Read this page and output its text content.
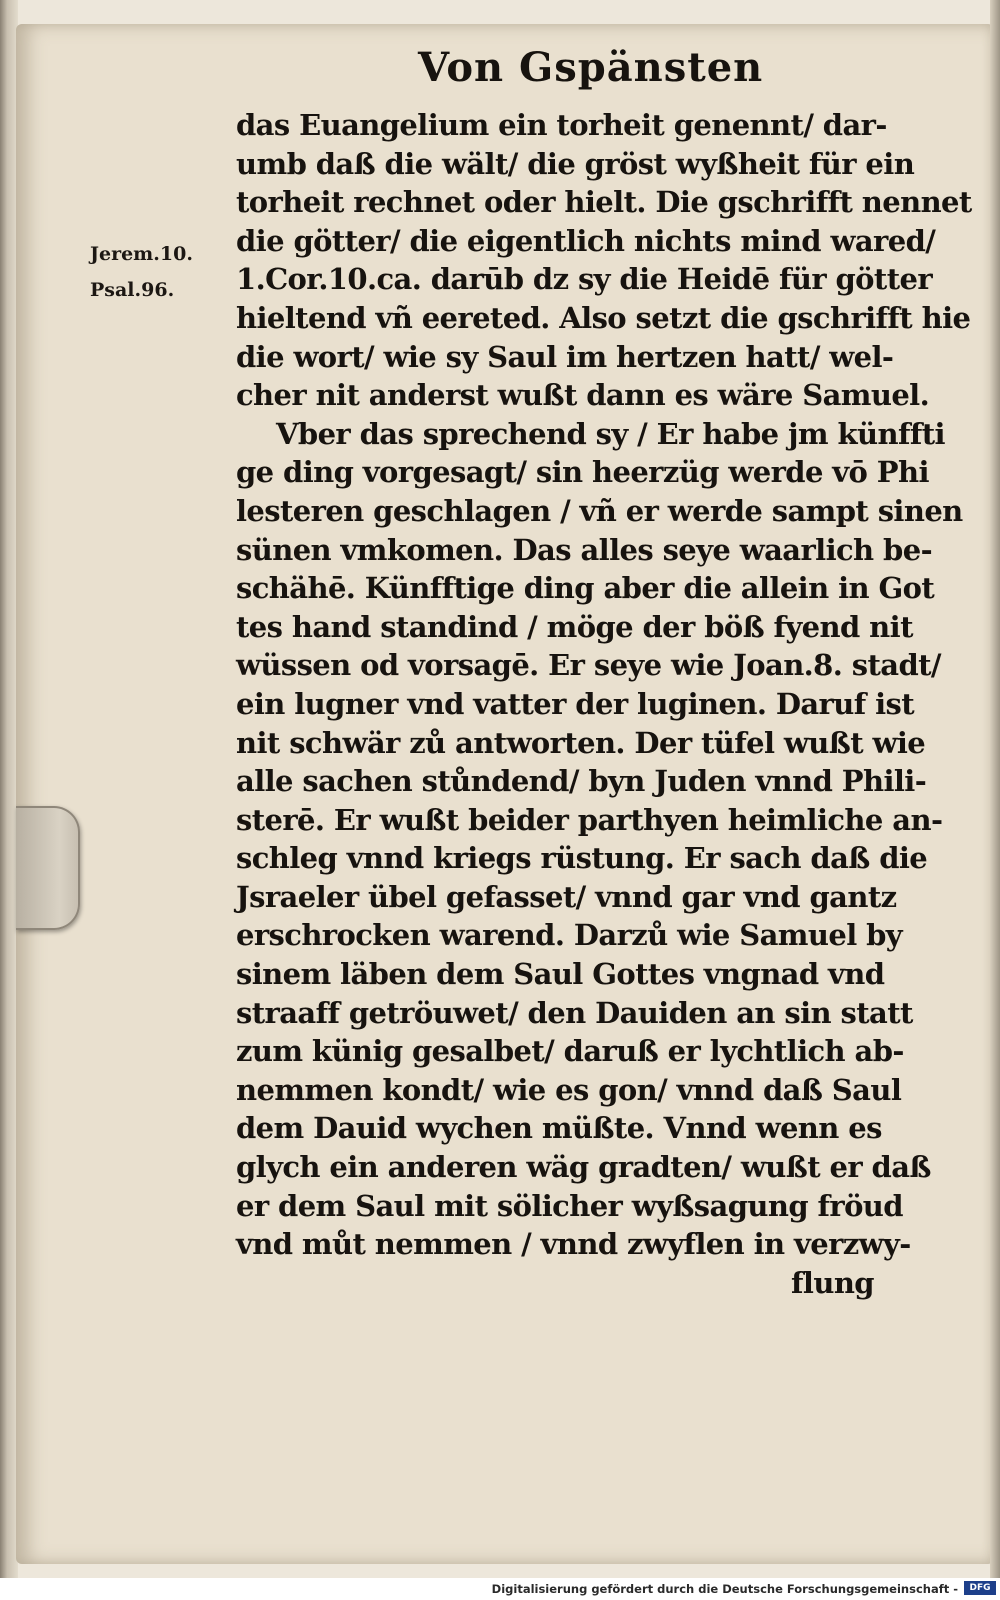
Von Gspänsten
Jerem.10.
Psal.96.
das Euangelium ein torheit genennt/ dar-
umb daß die wält/ die gröst wyßheit für ein
torheit rechnet oder hielt. Die gschrifft nennet
die götter/ die eigentlich nichts mind wared/
1.Cor.10.ca. darūb dz sy die Heidē für götter
hieltend vñ eereted. Also setzt die gschrifft hie
die wort/ wie sy Saul im hertzen hatt/ wel-
cher nit anderst wußt dann es wäre Samuel.
Vber das sprechend sy / Er habe jm künffti
ge ding vorgesagt/ sin heerzüg werde vō Phi
lesteren geschlagen / vñ er werde sampt sinen
sünen vmkomen. Das alles seye waarlich be-
schähē. Künfftige ding aber die allein in Got
tes hand standind / möge der böß fyend nit
wüssen od vorsagē. Er seye wie Joan.8. stadt/
ein lugner vnd vatter der luginen. Daruf ist
nit schwär zů antworten. Der tüfel wußt wie
alle sachen stůndend/ byn Juden vnnd Phili-
sterē. Er wußt beider parthyen heimliche an-
schleg vnnd kriegs rüstung. Er sach daß die
Jsraeler übel gefasset/ vnnd gar vnd gantz
erschrocken warend. Darzů wie Samuel by
sinem läben dem Saul Gottes vngnad vnd
straaff getröuwet/ den Dauiden an sin statt
zum künig gesalbet/ daruß er lychtlich ab-
nemmen kondt/ wie es gon/ vnnd daß Saul
dem Dauid wychen müßte. Vnnd wenn es
glych ein anderen wäg gradten/ wußt er daß
er dem Saul mit sölicher wyßsagung fröud
vnd můt nemmen / vnnd zwyflen in verzwy-
flung
Digitalisierung gefördert durch die Deutsche Forschungsgemeinschaft -	DFG
